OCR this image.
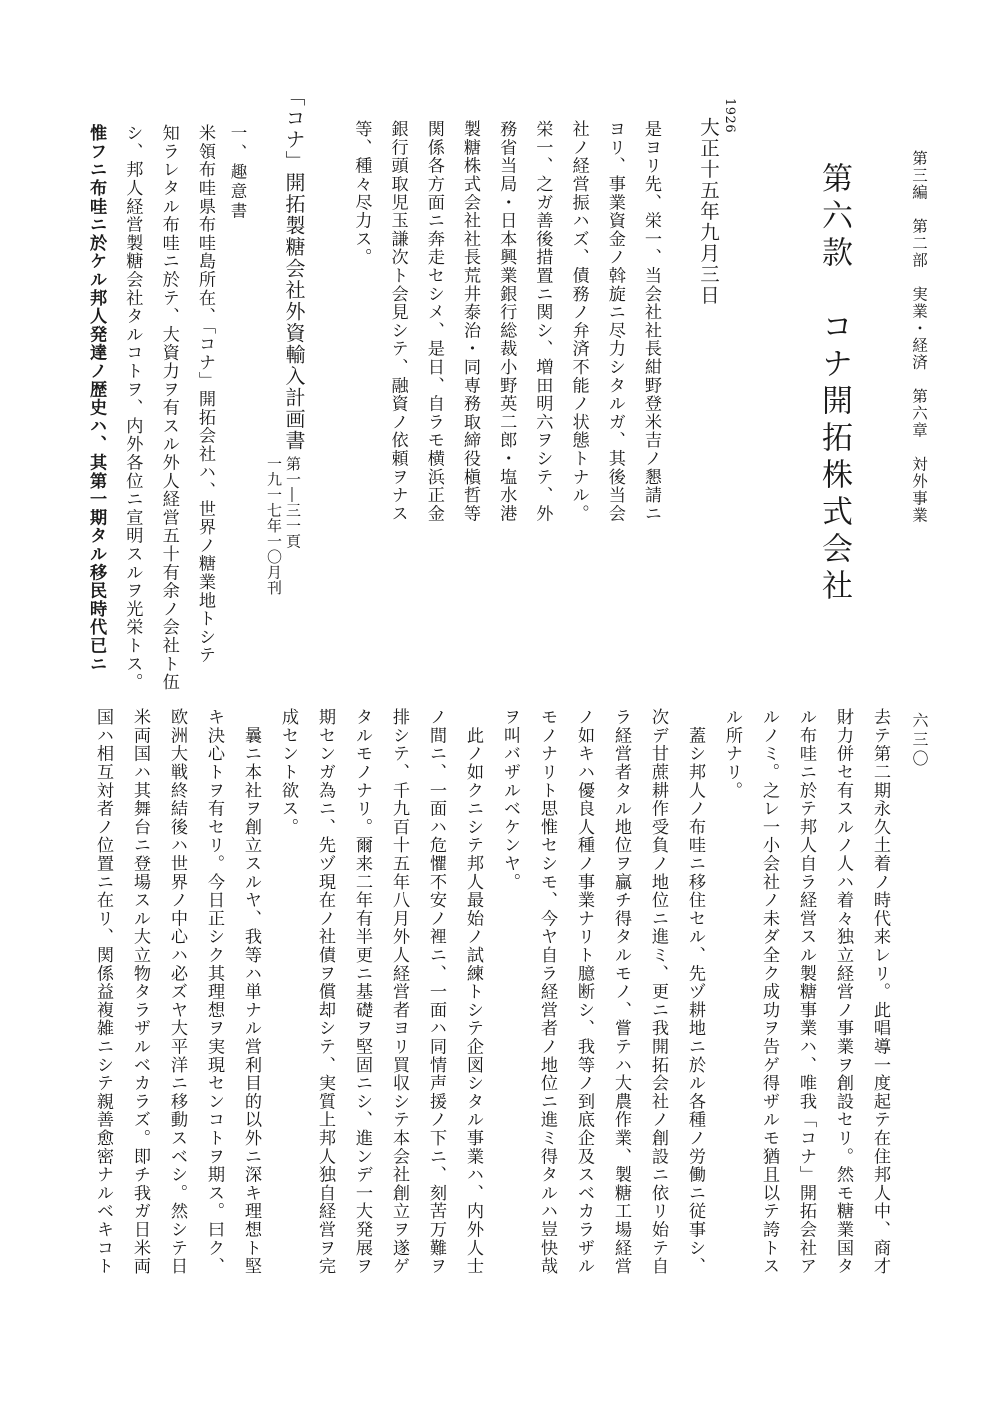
第三編　第二部　実業・経済　第六章　対外事業
六三〇
第六款　コナ開拓株式会社
1926
大正十五年九月三日
是ヨリ先、栄一、当会社社長紺野登米吉ノ懇請ニ
ヨリ、事業資金ノ斡旋ニ尽力シタルガ、其後当会
社ノ経営振ハズ、債務ノ弁済不能ノ状態トナル。
栄一、之ガ善後措置ニ関シ、増田明六ヲシテ、外
務省当局・日本興業銀行総裁小野英二郎・塩水港
製糖株式会社社長荒井泰治・同専務取締役槇哲等
関係各方面ニ奔走セシメ、是日、自ラモ横浜正金
銀行頭取児玉謙次ト会見シテ、融資ノ依頼ヲナス
等、種々尽力ス。
「コナ」開拓製糖会社外資輸入計画書
第一―三一頁
一九一七年一〇月刊
一、趣意書
米領布哇県布哇島所在、「コナ」開拓会社ハ、世界ノ糖業地トシテ
知ラレタル布哇ニ於テ、大資力ヲ有スル外人経営五十有余ノ会社ト伍
シ、邦人経営製糖会社タルコトヲ、内外各位ニ宣明スルヲ光栄トス。
惟フニ布哇ニ於ケル邦人発達ノ歴史ハ、其第一期タル移民時代已ニ
去テ第二期永久土着ノ時代来レリ。此唱導一度起テ在住邦人中、商才
財力併セ有スルノ人ハ着々独立経営ノ事業ヲ創設セリ。然モ糖業国タ
ル布哇ニ於テ邦人自ラ経営スル製糖事業ハ、唯我「コナ」開拓会社ア
ルノミ。之レ一小会社ノ未ダ全ク成功ヲ告ゲ得ザルモ猶且以テ誇トス
ル所ナリ。
　蓋シ邦人ノ布哇ニ移住セル、先ヅ耕地ニ於ル各種ノ労働ニ従事シ、
次デ甘蔗耕作受負ノ地位ニ進ミ、更ニ我開拓会社ノ創設ニ依リ始テ自
ラ経営者タル地位ヲ贏チ得タルモノ、嘗テハ大農作業、製糖工場経営
ノ如キハ優良人種ノ事業ナリト臆断シ、我等ノ到底企及スベカラザル
モノナリト思惟セシモ、今ヤ自ラ経営者ノ地位ニ進ミ得タルハ豈快哉
ヲ叫バザルベケンヤ。
　此ノ如クニシテ邦人最始ノ試練トシテ企図シタル事業ハ、内外人士
ノ間ニ、一面ハ危懼不安ノ裡ニ、一面ハ同情声援ノ下ニ、刻苦万難ヲ
排シテ、千九百十五年八月外人経営者ヨリ買収シテ本会社創立ヲ遂ゲ
タルモノナリ。爾来二年有半更ニ基礎ヲ堅固ニシ、進ンデ一大発展ヲ
期センガ為ニ、先ヅ現在ノ社債ヲ償却シテ、実質上邦人独自経営ヲ完
成セント欲ス。
　曩ニ本社ヲ創立スルヤ、我等ハ単ナル営利目的以外ニ深キ理想ト堅
キ決心トヲ有セリ。今日正シク其理想ヲ実現センコトヲ期ス。曰ク、
欧洲大戦終結後ハ世界ノ中心ハ必ズヤ大平洋ニ移動スベシ。然シテ日
米両国ハ其舞台ニ登場スル大立物タラザルベカラズ。即チ我ガ日米両
国ハ相互対者ノ位置ニ在リ、関係益複雑ニシテ親善愈密ナルベキコト
